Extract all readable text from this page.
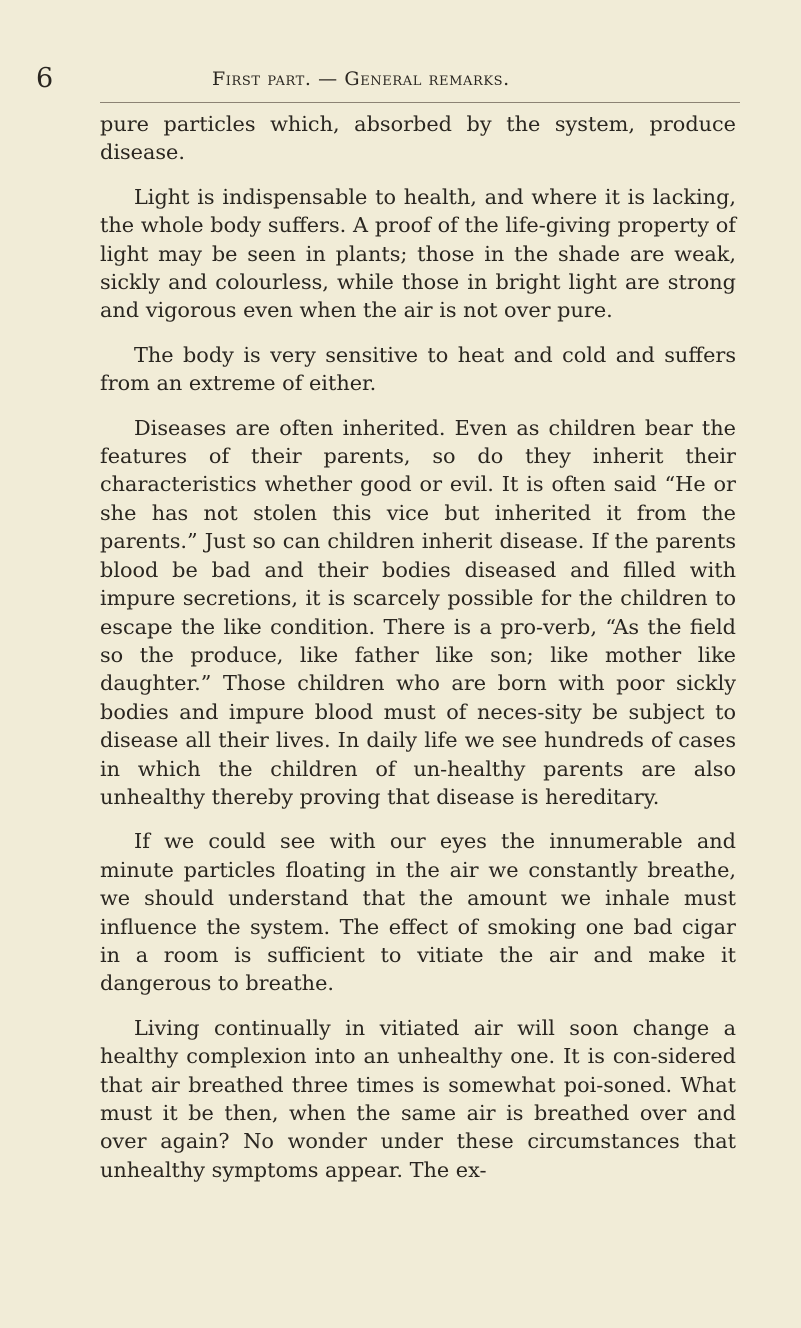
6	First part. — General remarks.

pure particles which, absorbed by the system, produce disease.

Light is indispensable to health, and where it is lacking, the whole body suffers. A proof of the life-giving property of light may be seen in plants; those in the shade are weak, sickly and colourless, while those in bright light are strong and vigorous even when the air is not over pure.

The body is very sensitive to heat and cold and suffers from an extreme of either.

Diseases are often inherited. Even as children bear the features of their parents, so do they inherit their characteristics whether good or evil. It is often said “He or she has not stolen this vice but inherited it from the parents.” Just so can children inherit disease. If the parents blood be bad and their bodies diseased and filled with impure secretions, it is scarcely possible for the children to escape the like condition. There is a pro-verb, “As the field so the produce, like father like son; like mother like daughter.” Those children who are born with poor sickly bodies and impure blood must of neces-sity be subject to disease all their lives. In daily life we see hundreds of cases in which the children of un-healthy parents are also unhealthy thereby proving that disease is hereditary.

If we could see with our eyes the innumerable and minute particles floating in the air we constantly breathe, we should understand that the amount we inhale must influence the system. The effect of smoking one bad cigar in a room is sufficient to vitiate the air and make it dangerous to breathe.

Living continually in vitiated air will soon change a healthy complexion into an unhealthy one. It is con-sidered that air breathed three times is somewhat poi-soned. What must it be then, when the same air is breathed over and over again? No wonder under these circumstances that unhealthy symptoms appear. The ex-
